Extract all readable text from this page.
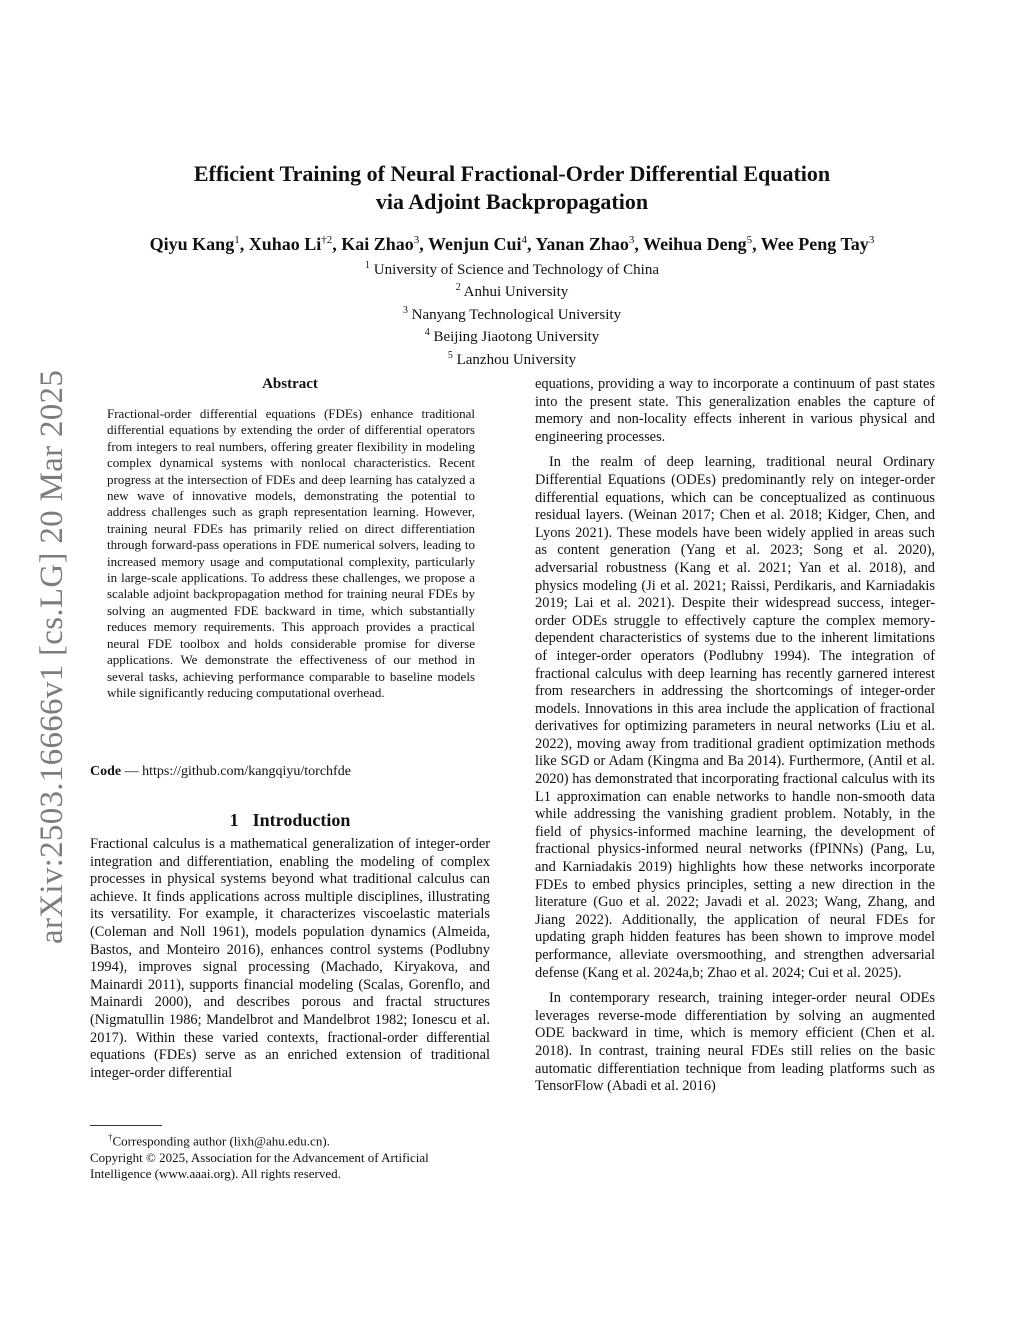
arXiv:2503.16666v1 [cs.LG] 20 Mar 2025
Efficient Training of Neural Fractional-Order Differential Equation
via Adjoint Backpropagation
Qiyu Kang$^1$, Xuhao Li$^{\dagger 2}$, Kai Zhao$^3$, Wenjun Cui$^4$, Yanan Zhao$^3$, Weihua Deng$^5$, Wee Peng Tay$^3$
$^1$ University of Science and Technology of China
$^2$ Anhui University
$^3$ Nanyang Technological University
$^4$ Beijing Jiaotong University
$^5$ Lanzhou University
Abstract
Fractional-order differential equations (FDEs) enhance traditional differential equations by extending the order of differential operators from integers to real numbers, offering greater flexibility in modeling complex dynamical systems with nonlocal characteristics. Recent progress at the intersection of FDEs and deep learning has catalyzed a new wave of innovative models, demonstrating the potential to address challenges such as graph representation learning. However, training neural FDEs has primarily relied on direct differentiation through forward-pass operations in FDE numerical solvers, leading to increased memory usage and computational complexity, particularly in large-scale applications. To address these challenges, we propose a scalable adjoint backpropagation method for training neural FDEs by solving an augmented FDE backward in time, which substantially reduces memory requirements. This approach provides a practical neural FDE toolbox and holds considerable promise for diverse applications. We demonstrate the effectiveness of our method in several tasks, achieving performance comparable to baseline models while significantly reducing computational overhead.
Code — https://github.com/kangqiyu/torchfde
1 Introduction
Fractional calculus is a mathematical generalization of integer-order integration and differentiation, enabling the modeling of complex processes in physical systems beyond what traditional calculus can achieve. It finds applications across multiple disciplines, illustrating its versatility. For example, it characterizes viscoelastic materials (Coleman and Noll 1961), models population dynamics (Almeida, Bastos, and Monteiro 2016), enhances control systems (Podlubny 1994), improves signal processing (Machado, Kiryakova, and Mainardi 2011), supports financial modeling (Scalas, Gorenflo, and Mainardi 2000), and describes porous and fractal structures (Nigmatullin 1986; Mandelbrot and Mandelbrot 1982; Ionescu et al. 2017). Within these varied contexts, fractional-order differential equations (FDEs) serve as an enriched extension of traditional integer-order differential
†Corresponding author (lixh@ahu.edu.cn).
Copyright © 2025, Association for the Advancement of Artificial Intelligence (www.aaai.org). All rights reserved.

equations, providing a way to incorporate a continuum of past states into the present state. This generalization enables the capture of memory and non-locality effects inherent in various physical and engineering processes.

In the realm of deep learning, traditional neural Ordinary Differential Equations (ODEs) predominantly rely on integer-order differential equations, which can be conceptualized as continuous residual layers. (Weinan 2017; Chen et al. 2018; Kidger, Chen, and Lyons 2021). These models have been widely applied in areas such as content generation (Yang et al. 2023; Song et al. 2020), adversarial robustness (Kang et al. 2021; Yan et al. 2018), and physics modeling (Ji et al. 2021; Raissi, Perdikaris, and Karniadakis 2019; Lai et al. 2021). Despite their widespread success, integer-order ODEs struggle to effectively capture the complex memory-dependent characteristics of systems due to the inherent limitations of integer-order operators (Podlubny 1994). The integration of fractional calculus with deep learning has recently garnered interest from researchers in addressing the shortcomings of integer-order models. Innovations in this area include the application of fractional derivatives for optimizing parameters in neural networks (Liu et al. 2022), moving away from traditional gradient optimization methods like SGD or Adam (Kingma and Ba 2014). Furthermore, (Antil et al. 2020) has demonstrated that incorporating fractional calculus with its L1 approximation can enable networks to handle non-smooth data while addressing the vanishing gradient problem. Notably, in the field of physics-informed machine learning, the development of fractional physics-informed neural networks (fPINNs) (Pang, Lu, and Karniadakis 2019) highlights how these networks incorporate FDEs to embed physics principles, setting a new direction in the literature (Guo et al. 2022; Javadi et al. 2023; Wang, Zhang, and Jiang 2022). Additionally, the application of neural FDEs for updating graph hidden features has been shown to improve model performance, alleviate oversmoothing, and strengthen adversarial defense (Kang et al. 2024a,b; Zhao et al. 2024; Cui et al. 2025).

In contemporary research, training integer-order neural ODEs leverages reverse-mode differentiation by solving an augmented ODE backward in time, which is memory efficient (Chen et al. 2018). In contrast, training neural FDEs still relies on the basic automatic differentiation technique from leading platforms such as TensorFlow (Abadi et al. 2016)
